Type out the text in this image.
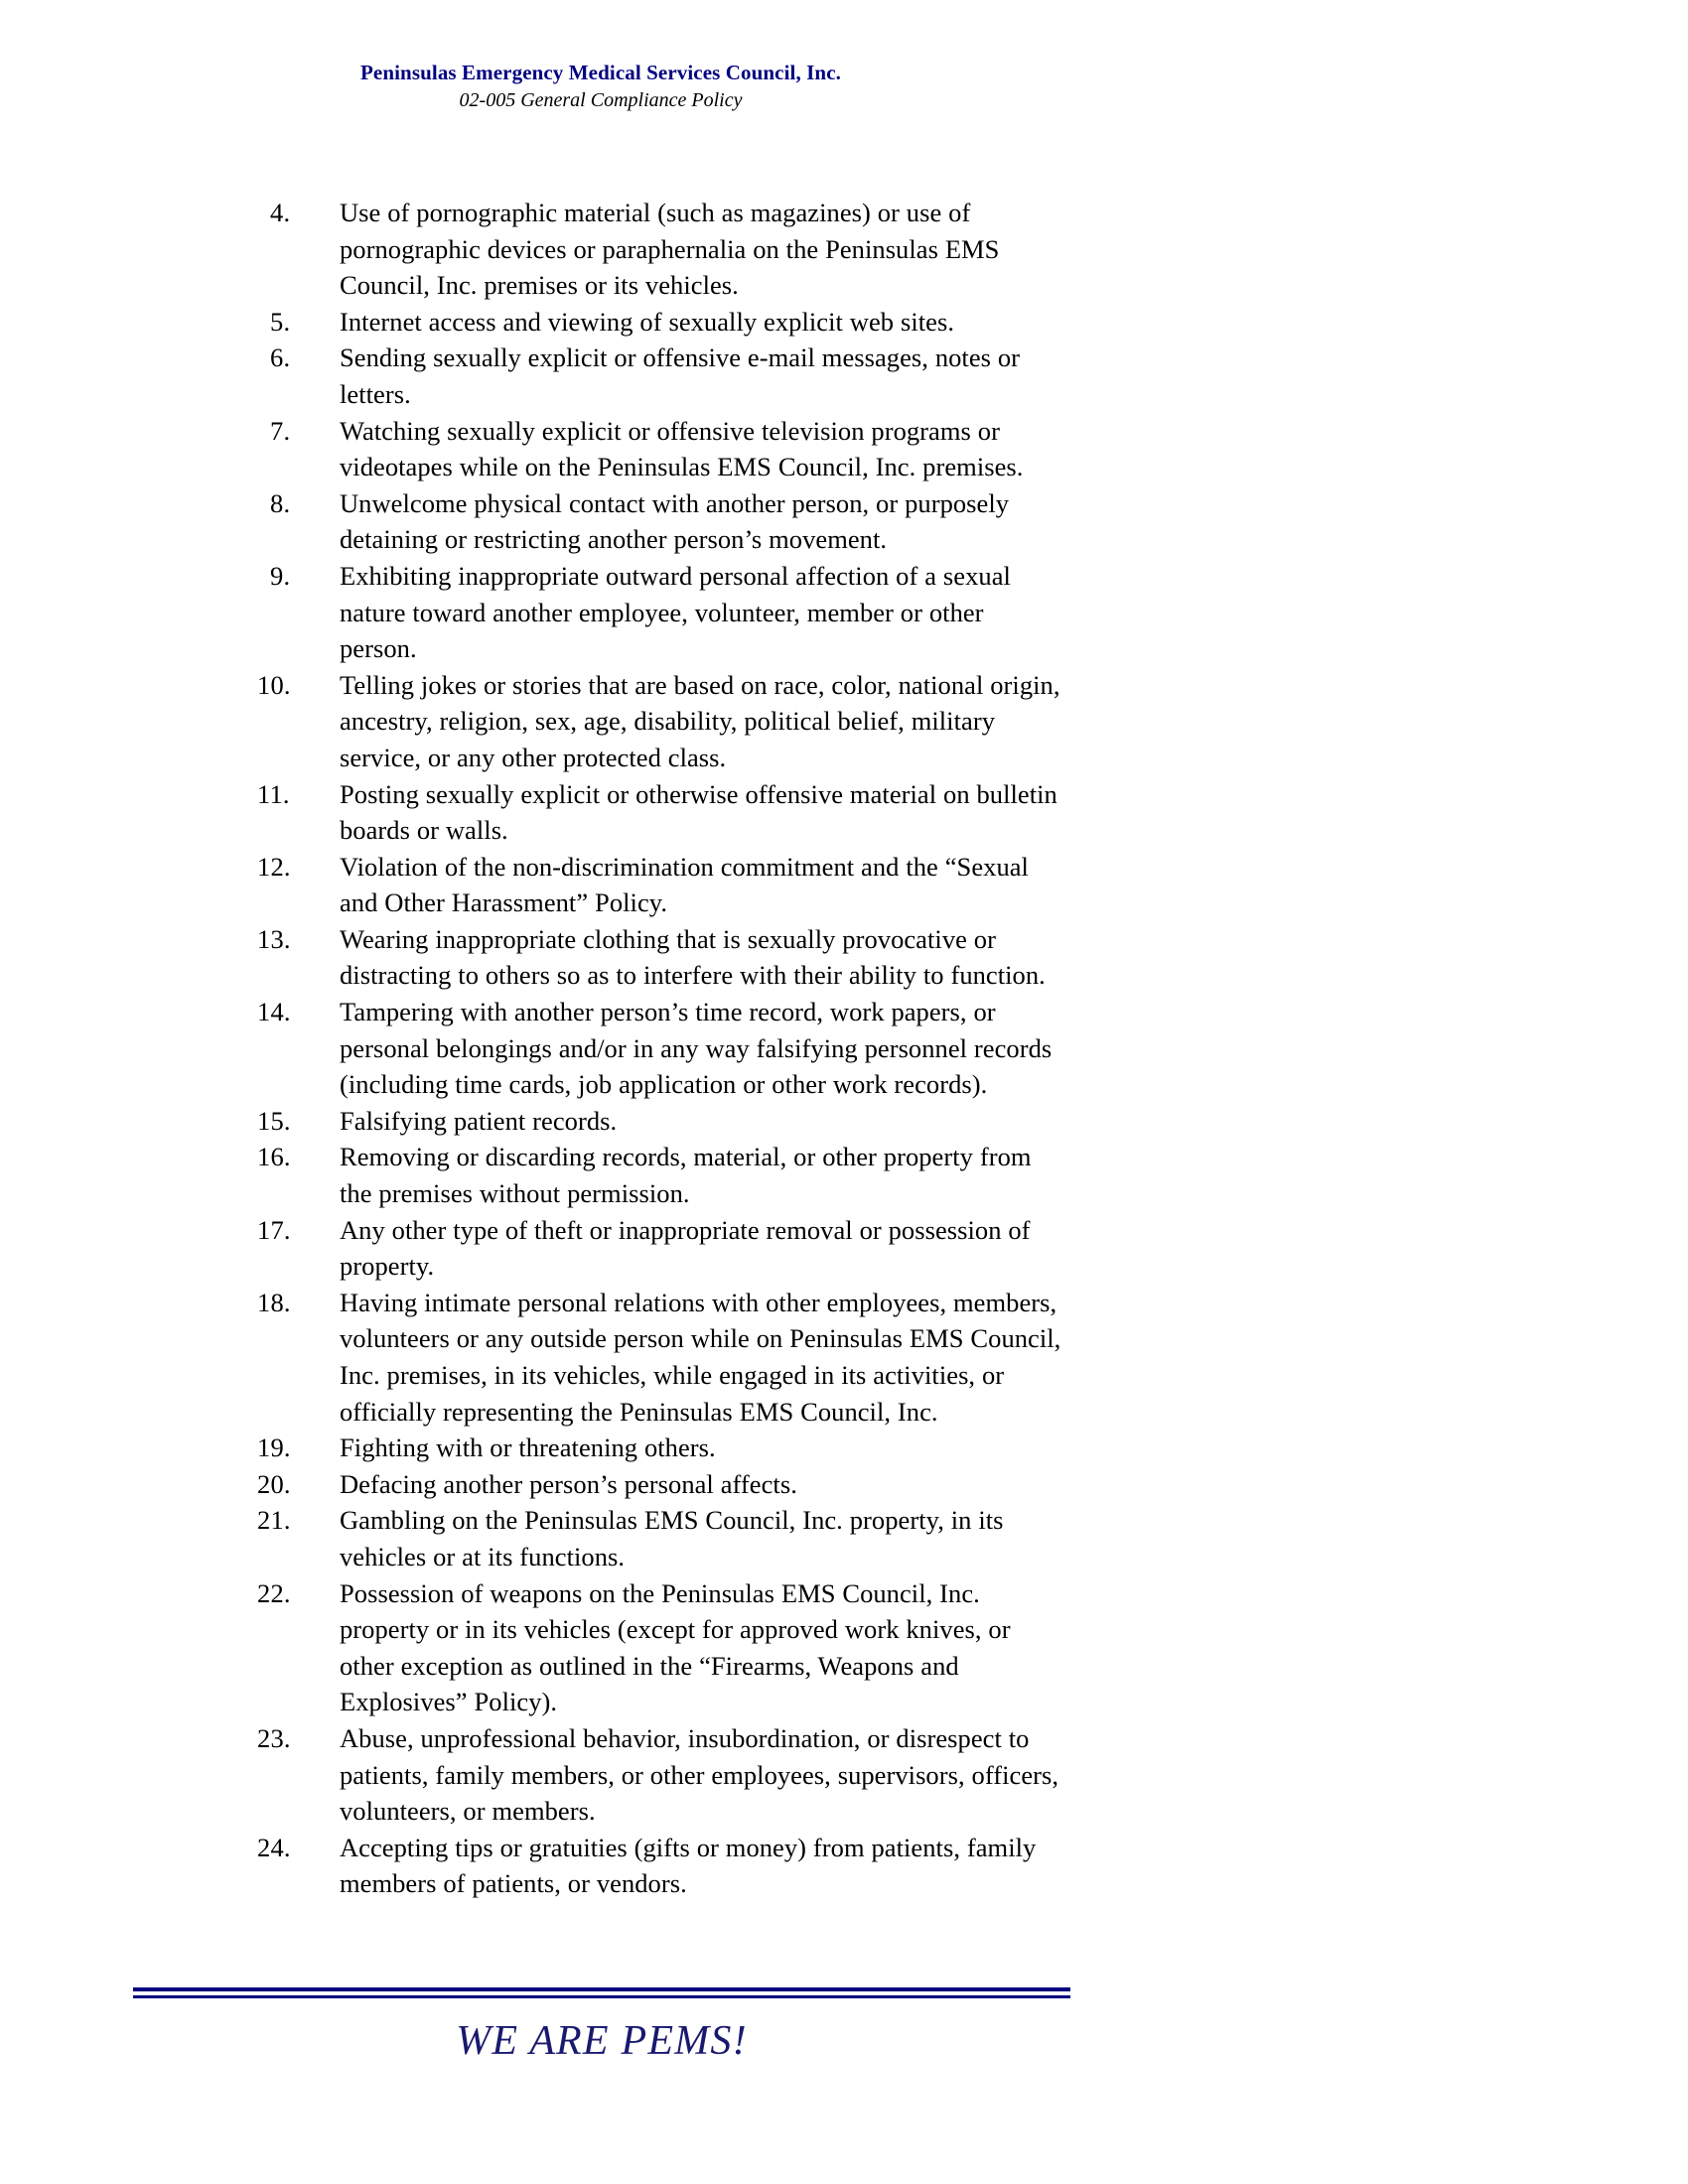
Peninsulas Emergency Medical Services Council, Inc.
02-005 General Compliance Policy
4.	Use of pornographic material (such as magazines) or use of pornographic devices or paraphernalia on the Peninsulas EMS Council, Inc. premises or its vehicles.
5.	Internet access and viewing of sexually explicit web sites.
6.	Sending sexually explicit or offensive e-mail messages, notes or letters.
7.	Watching sexually explicit or offensive television programs or videotapes while on the Peninsulas EMS Council, Inc. premises.
8.	Unwelcome physical contact with another person, or purposely detaining or restricting another person’s movement.
9.	Exhibiting inappropriate outward personal affection of a sexual nature toward another employee, volunteer, member or other person.
10.	Telling jokes or stories that are based on race, color, national origin, ancestry, religion, sex, age, disability, political belief, military service, or any other protected class.
11.	Posting sexually explicit or otherwise offensive material on bulletin boards or walls.
12.	Violation of the non-discrimination commitment and the “Sexual and Other Harassment” Policy.
13.	Wearing inappropriate clothing that is sexually provocative or distracting to others so as to interfere with their ability to function.
14.	Tampering with another person’s time record, work papers, or personal belongings and/or in any way falsifying personnel records (including time cards, job application or other work records).
15.	Falsifying patient records.
16.	Removing or discarding records, material, or other property from the premises without permission.
17.	Any other type of theft or inappropriate removal or possession of property.
18.	Having intimate personal relations with other employees, members, volunteers or any outside person while on Peninsulas EMS Council, Inc. premises, in its vehicles, while engaged in its activities, or officially representing the Peninsulas EMS Council, Inc.
19.	Fighting with or threatening others.
20.	Defacing another person’s personal affects.
21.	Gambling on the Peninsulas EMS Council, Inc. property, in its vehicles or at its functions.
22.	Possession of weapons on the Peninsulas EMS Council, Inc. property or in its vehicles (except for approved work knives, or other exception as outlined in the “Firearms, Weapons and Explosives” Policy).
23.	Abuse, unprofessional behavior, insubordination, or disrespect to patients, family members, or other employees, supervisors, officers, volunteers, or members.
24.	Accepting tips or gratuities (gifts or money) from patients, family members of patients, or vendors.
WE ARE PEMS!
